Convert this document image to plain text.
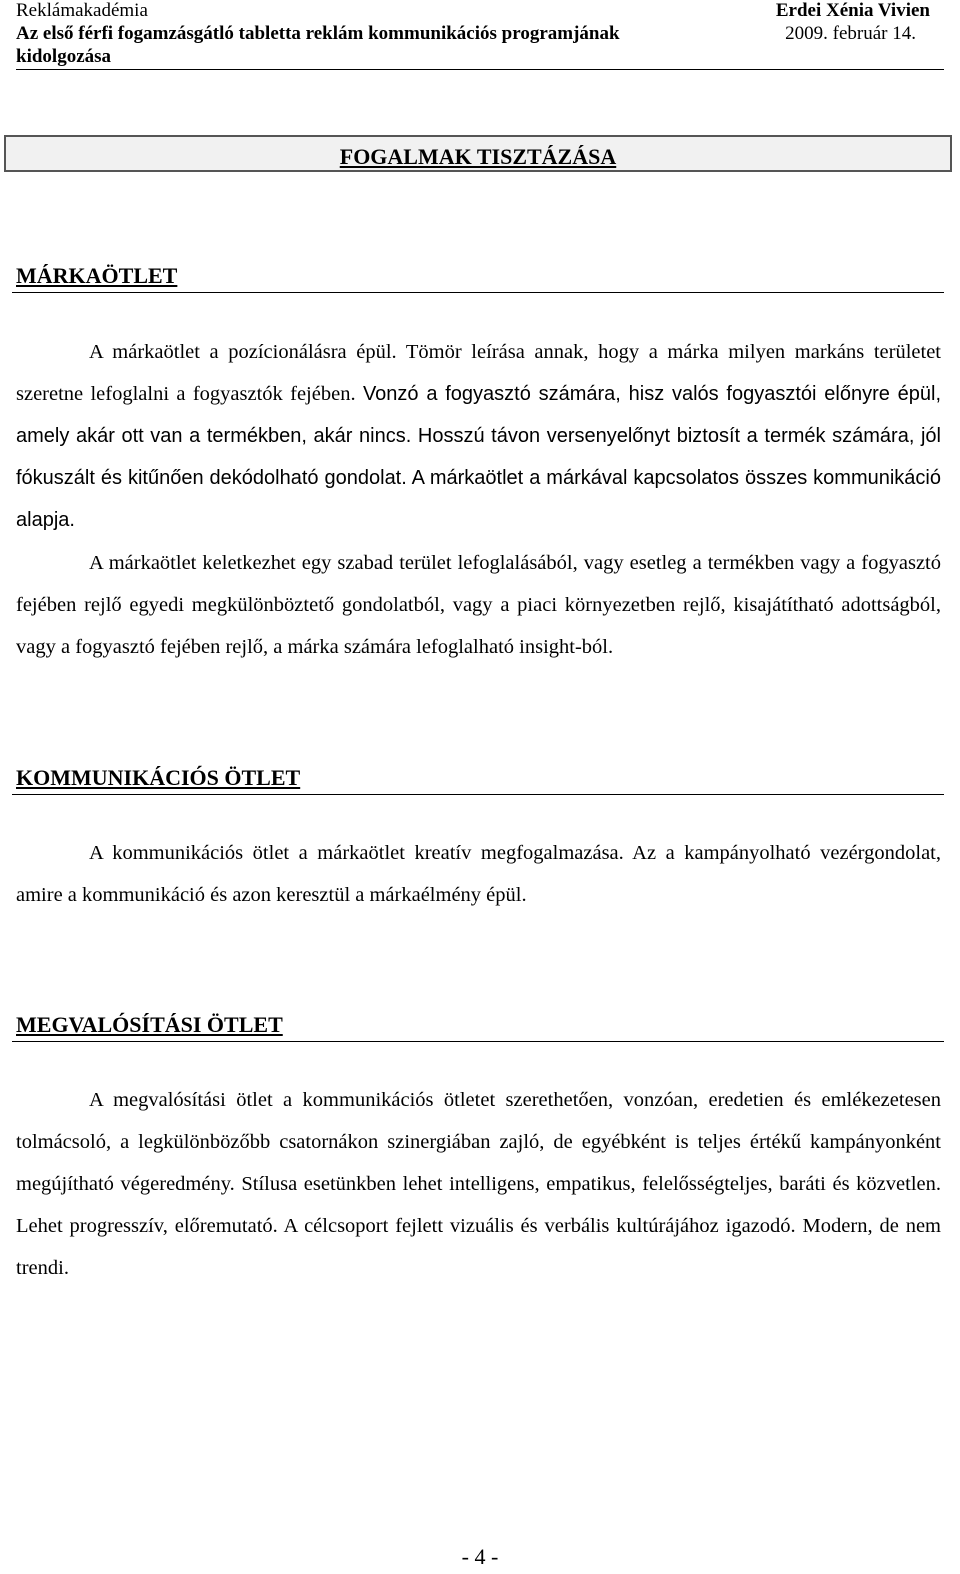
Reklámakadémia
Az első férfi fogamzásgátló tabletta reklám kommunikációs programjának
kidolgozása
Erdei Xénia Vivien
2009. február 14.
FOGALMAK TISZTÁZÁSA
MÁRKAÖTLET

A márkaötlet a pozícionálásra épül. Tömör leírása annak, hogy a márka milyen markáns területet szeretne lefoglalni a fogyasztók fejében. Vonzó a fogyasztó számára, hisz valós fogyasztói előnyre épül, amely akár ott van a termékben, akár nincs. Hosszú távon versenyelőnyt biztosít a termék számára, jól fókuszált és kitűnően dekódolható gondolat. A márkaötlet a márkával kapcsolatos összes kommunikáció alapja.

A márkaötlet keletkezhet egy szabad terület lefoglalásából, vagy esetleg a termékben vagy a fogyasztó fejében rejlő egyedi megkülönböztető gondolatból, vagy a piaci környezetben rejlő, kisajátítható adottságból, vagy a fogyasztó fejében rejlő, a márka számára lefoglalható insight-ból.

KOMMUNIKÁCIÓS ÖTLET

A kommunikációs ötlet a márkaötlet kreatív megfogalmazása. Az a kampányolható vezérgondolat, amire a kommunikáció és azon keresztül a márkaélmény épül.

MEGVALÓSÍTÁSI ÖTLET

A megvalósítási ötlet a kommunikációs ötletet szerethetően, vonzóan, eredetien és emlékezetesen tolmácsoló, a legkülönbözőbb csatornákon szinergiában zajló, de egyébként is teljes értékű kampányonként megújítható végeredmény. Stílusa esetünkben lehet intelligens, empatikus, felelősségteljes, baráti és közvetlen. Lehet progresszív, előremutató. A célcsoport fejlett vizuális és verbális kultúrájához igazodó. Modern, de nem trendi.

- 4 -
